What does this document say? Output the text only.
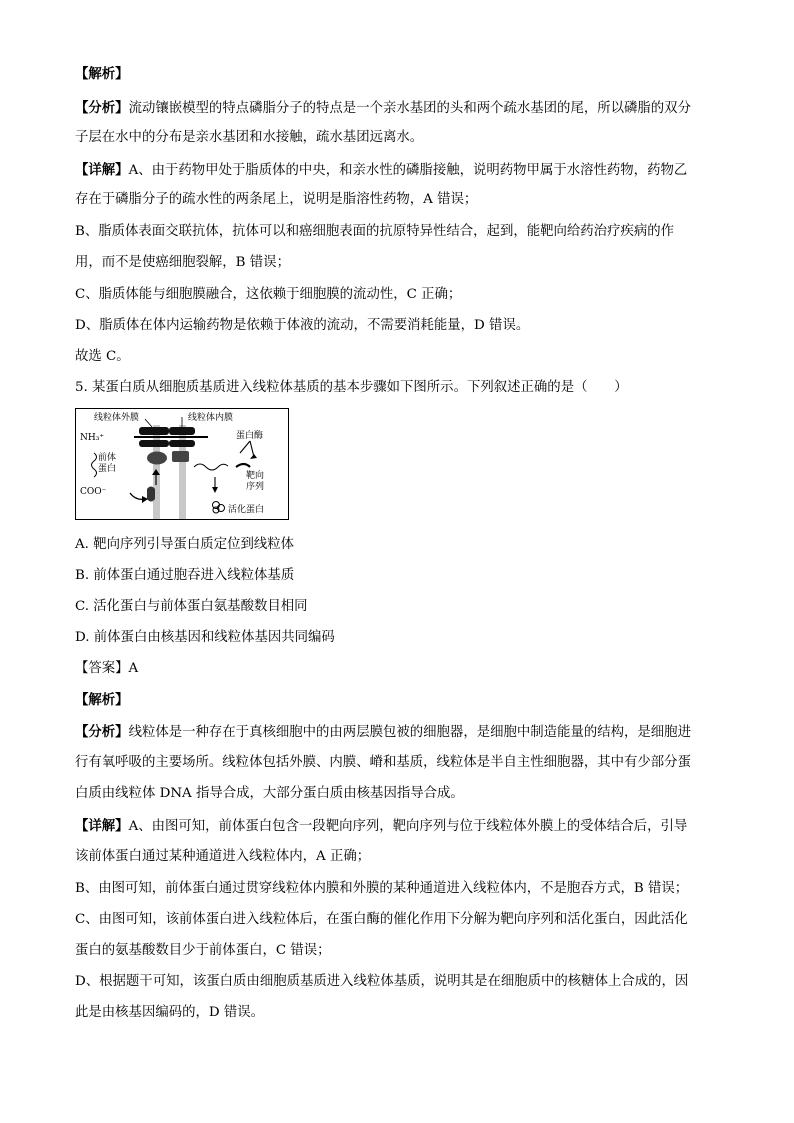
【解析】
【分析】流动镶嵌模型的特点磷脂分子的特点是一个亲水基团的头和两个疏水基团的尾，所以磷脂的双分
子层在水中的分布是亲水基团和水接触，疏水基团远离水。
【详解】A、由于药物甲处于脂质体的中央，和亲水性的磷脂接触，说明药物甲属于水溶性药物，药物乙
存在于磷脂分子的疏水性的两条尾上，说明是脂溶性药物，A 错误；
B、脂质体表面交联抗体，抗体可以和癌细胞表面的抗原特异性结合，起到，能靶向给药治疗疾病的作
用，而不是使癌细胞裂解，B 错误；
C、脂质体能与细胞膜融合，这依赖于细胞膜的流动性，C 正确；
D、脂质体在体内运输药物是依赖于体液的流动，不需要消耗能量，D 错误。
故选 C。
5. 某蛋白质从细胞质基质进入线粒体基质的基本步骤如下图所示。下列叙述正确的是（　　）
线粒体外膜	线粒体内膜
NH₃⁺
前体
蛋白
COO⁻
蛋白酶
靶向
序列
活化蛋白
A. 靶向序列引导蛋白质定位到线粒体
B. 前体蛋白通过胞吞进入线粒体基质
C. 活化蛋白与前体蛋白氨基酸数目相同
D. 前体蛋白由核基因和线粒体基因共同编码
【答案】A
【解析】
【分析】线粒体是一种存在于真核细胞中的由两层膜包被的细胞器，是细胞中制造能量的结构，是细胞进
行有氧呼吸的主要场所。线粒体包括外膜、内膜、嵴和基质，线粒体是半自主性细胞器，其中有少部分蛋
白质由线粒体 DNA 指导合成，大部分蛋白质由核基因指导合成。
【详解】A、由图可知，前体蛋白包含一段靶向序列，靶向序列与位于线粒体外膜上的受体结合后，引导
该前体蛋白通过某种通道进入线粒体内，A 正确；
B、由图可知，前体蛋白通过贯穿线粒体内膜和外膜的某种通道进入线粒体内，不是胞吞方式，B 错误；
C、由图可知，该前体蛋白进入线粒体后，在蛋白酶的催化作用下分解为靶向序列和活化蛋白，因此活化
蛋白的氨基酸数目少于前体蛋白，C 错误；
D、根据题干可知，该蛋白质由细胞质基质进入线粒体基质，说明其是在细胞质中的核糖体上合成的，因
此是由核基因编码的，D 错误。
